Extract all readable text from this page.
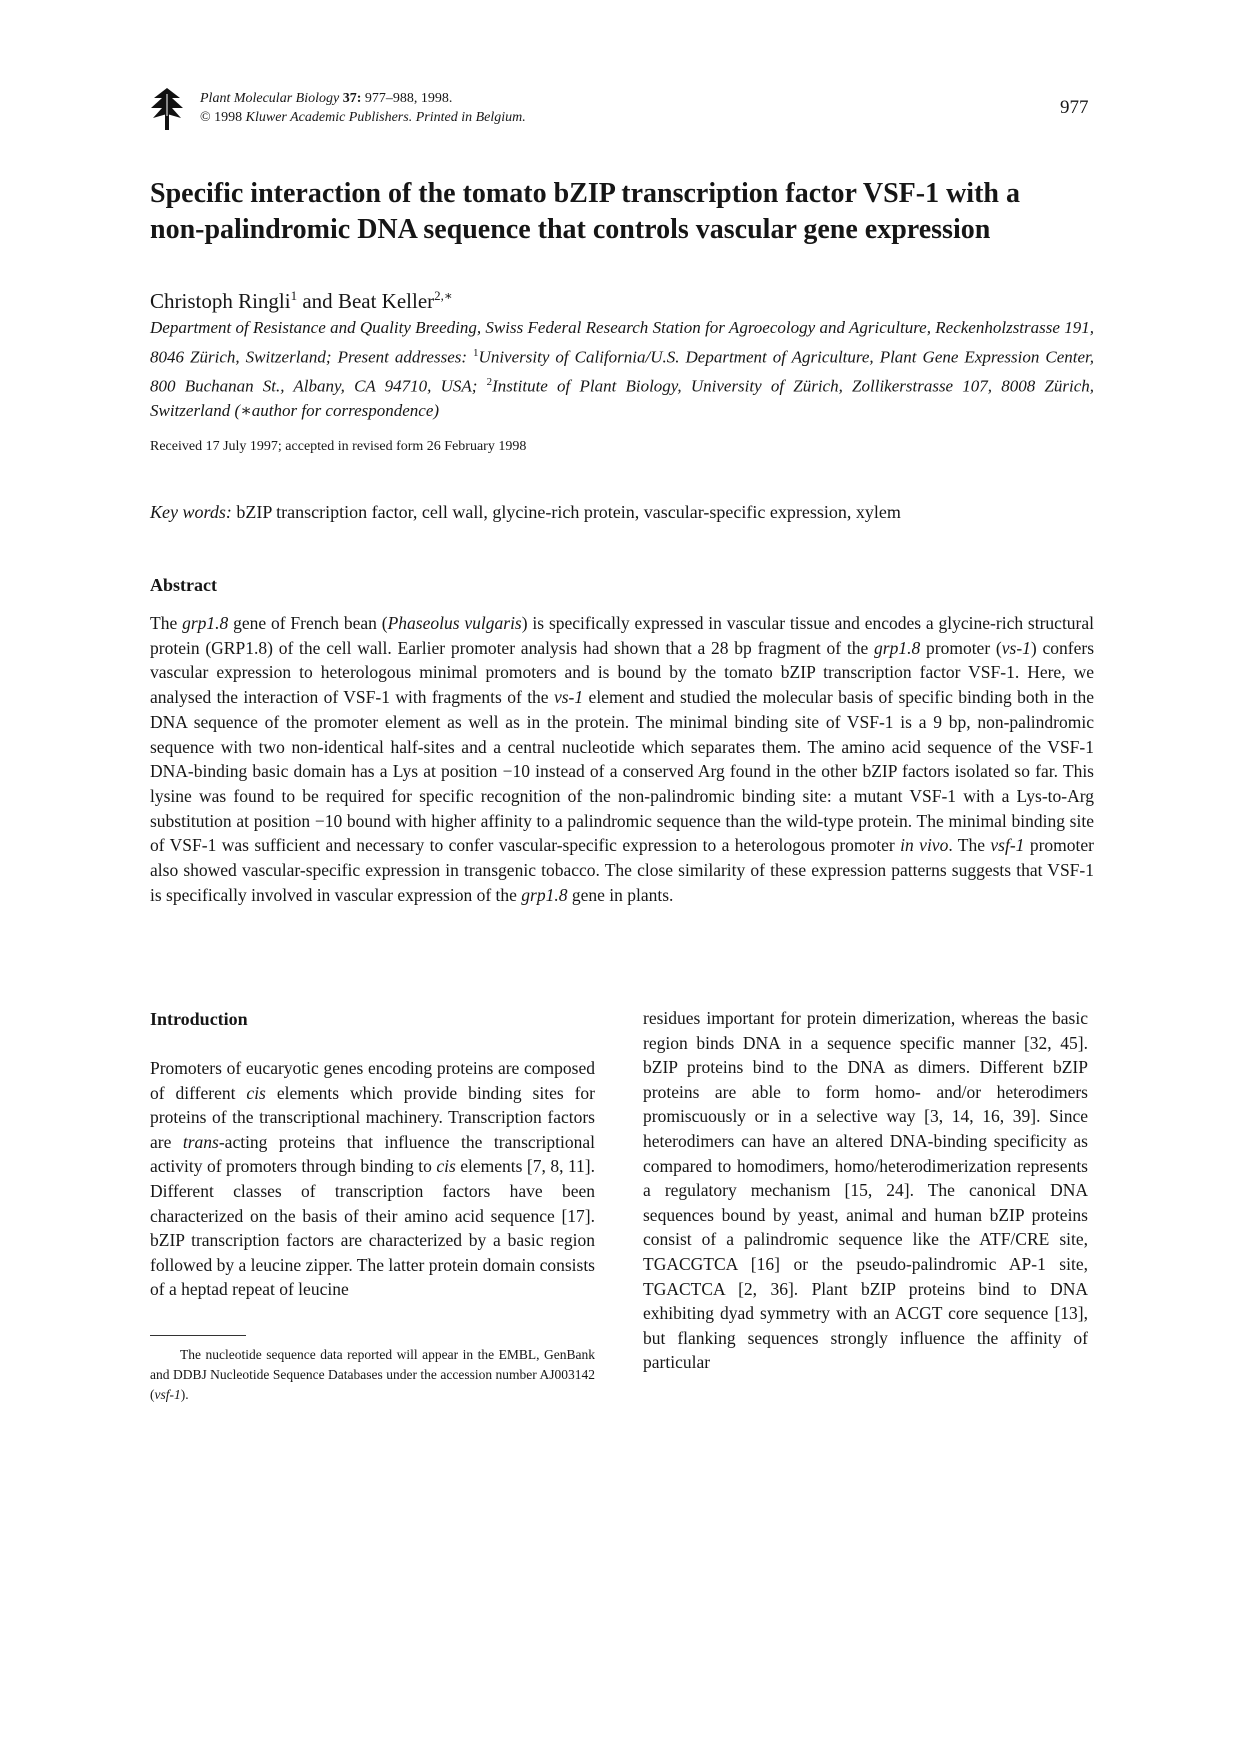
Plant Molecular Biology 37: 977–988, 1998.
© 1998 Kluwer Academic Publishers. Printed in Belgium.	977
Specific interaction of the tomato bZIP transcription factor VSF-1 with a
non-palindromic DNA sequence that controls vascular gene expression
Christoph Ringli$^1$ and Beat Keller$^{2,∗}$
Department of Resistance and Quality Breeding, Swiss Federal Research Station for Agroecology and Agriculture, Reckenholzstrasse 191, 8046 Zürich, Switzerland; Present addresses: $^1$University of California/U.S. Department of Agriculture, Plant Gene Expression Center, 800 Buchanan St., Albany, CA 94710, USA; $^2$Institute of Plant Biology, University of Zürich, Zollikerstrasse 107, 8008 Zürich, Switzerland (∗author for correspondence)
Received 17 July 1997; accepted in revised form 26 February 1998
Key words: bZIP transcription factor, cell wall, glycine-rich protein, vascular-specific expression, xylem
Abstract
The grp1.8 gene of French bean (Phaseolus vulgaris) is specifically expressed in vascular tissue and encodes a glycine-rich structural protein (GRP1.8) of the cell wall. Earlier promoter analysis had shown that a 28 bp fragment of the grp1.8 promoter (vs-1) confers vascular expression to heterologous minimal promoters and is bound by the tomato bZIP transcription factor VSF-1. Here, we analysed the interaction of VSF-1 with fragments of the vs-1 element and studied the molecular basis of specific binding both in the DNA sequence of the promoter element as well as in the protein. The minimal binding site of VSF-1 is a 9 bp, non-palindromic sequence with two non-identical half-sites and a central nucleotide which separates them. The amino acid sequence of the VSF-1 DNA-binding basic domain has a Lys at position −10 instead of a conserved Arg found in the other bZIP factors isolated so far. This lysine was found to be required for specific recognition of the non-palindromic binding site: a mutant VSF-1 with a Lys-to-Arg substitution at position −10 bound with higher affinity to a palindromic sequence than the wild-type protein. The minimal binding site of VSF-1 was sufficient and necessary to confer vascular-specific expression to a heterologous promoter in vivo. The vsf-1 promoter also showed vascular-specific expression in transgenic tobacco. The close similarity of these expression patterns suggests that VSF-1 is specifically involved in vascular expression of the grp1.8 gene in plants.
Introduction
Promoters of eucaryotic genes encoding proteins are composed of different cis elements which provide binding sites for proteins of the transcriptional machinery. Transcription factors are trans-acting proteins that influence the transcriptional activity of promoters through binding to cis elements [7, 8, 11]. Different classes of transcription factors have been characterized on the basis of their amino acid sequence [17]. bZIP transcription factors are characterized by a basic region followed by a leucine zipper. The latter protein domain consists of a heptad repeat of leucine
residues important for protein dimerization, whereas the basic region binds DNA in a sequence specific manner [32, 45]. bZIP proteins bind to the DNA as dimers. Different bZIP proteins are able to form homo- and/or heterodimers promiscuously or in a selective way [3, 14, 16, 39]. Since heterodimers can have an altered DNA-binding specificity as compared to homodimers, homo/heterodimerization represents a regulatory mechanism [15, 24]. The canonical DNA sequences bound by yeast, animal and human bZIP proteins consist of a palindromic sequence like the ATF/CRE site, TGACGTCA [16] or the pseudo-palindromic AP-1 site, TGACTCA [2, 36]. Plant bZIP proteins bind to DNA exhibiting dyad symmetry with an ACGT core sequence [13], but flanking sequences strongly influence the affinity of particular
The nucleotide sequence data reported will appear in the EMBL, GenBank and DDBJ Nucleotide Sequence Databases under the accession number AJ003142 (vsf-1).
